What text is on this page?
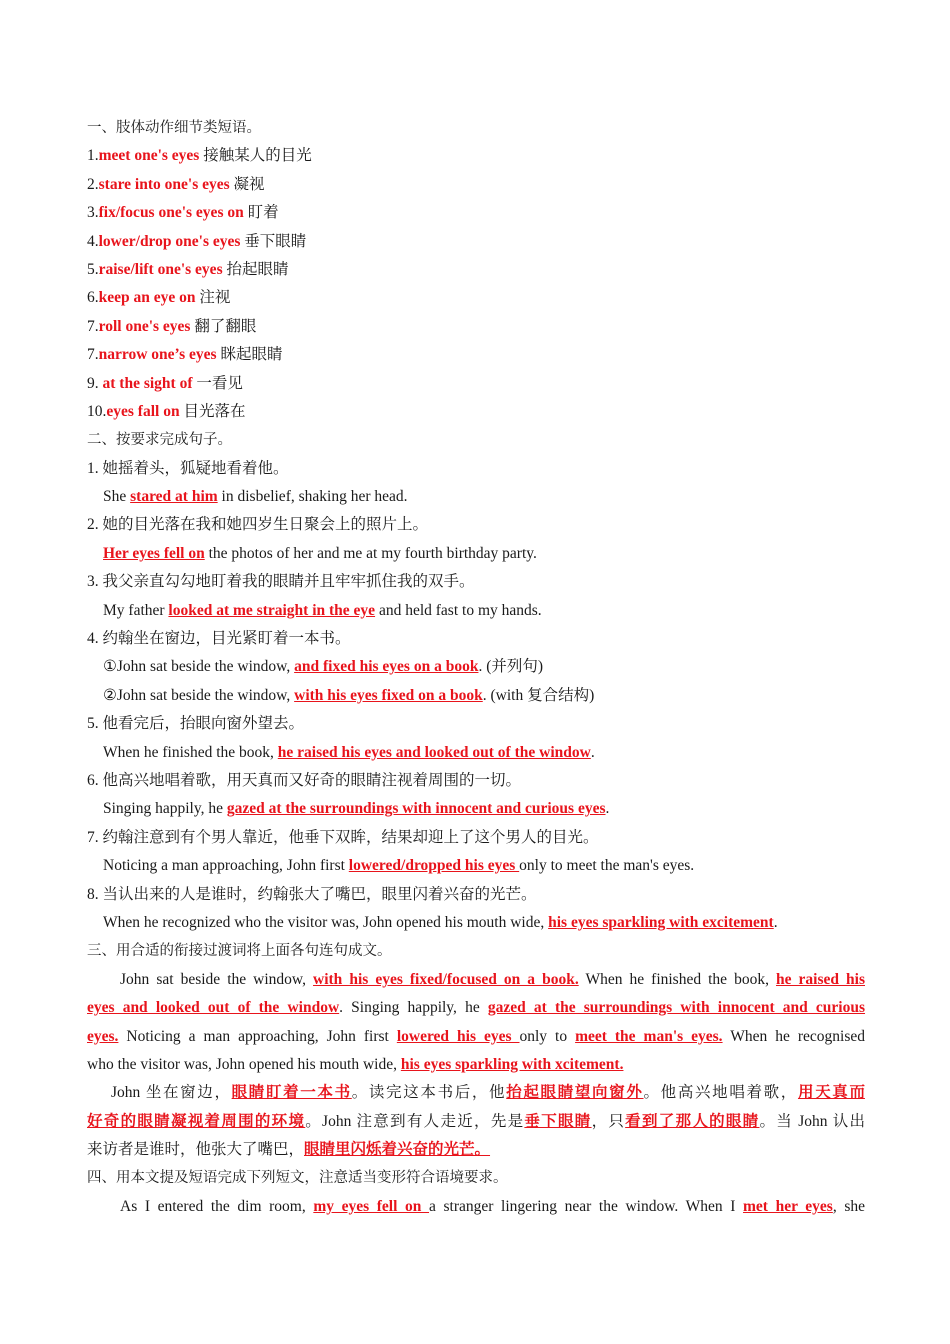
一、肢体动作细节类短语。
1.meet one's eyes 接触某人的目光
2.stare into one's eyes 凝视
3.fix/focus one's eyes on 盯着
4.lower/drop one's eyes 垂下眼睛
5.raise/lift one's eyes 抬起眼睛
6.keep an eye on 注视
7.roll one's eyes 翻了翻眼
7.narrow one’s eyes 眯起眼睛
9. at the sight of 一看见
10.eyes fall on 目光落在
二、按要求完成句子。
1. 她摇着头，狐疑地看着他。
She stared at him in disbelief, shaking her head.
2. 她的目光落在我和她四岁生日聚会上的照片上。
Her eyes fell on the photos of her and me at my fourth birthday party.
3. 我父亲直勾勾地盯着我的眼睛并且牢牢抓住我的双手。
My father looked at me straight in the eye and held fast to my hands.
4. 约翰坐在窗边，目光紧盯着一本书。
①John sat beside the window, and fixed his eyes on a book. (并列句)
②John sat beside the window, with his eyes fixed on a book. (with 复合结构)
5. 他看完后，抬眼向窗外望去。
When he finished the book, he raised his eyes and looked out of the window.
6. 他高兴地唱着歌，用天真而又好奇的眼睛注视着周围的一切。
Singing happily, he gazed at the surroundings with innocent and curious eyes.
7. 约翰注意到有个男人靠近，他垂下双眸，结果却迎上了这个男人的目光。
Noticing a man approaching, John first lowered/dropped his eyes only to meet the man's eyes.
8. 当认出来的人是谁时，约翰张大了嘴巴，眼里闪着兴奋的光芒。
When he recognized who the visitor was, John opened his mouth wide, his eyes sparkling with excitement.
三、用合适的衔接过渡词将上面各句连句成文。
John sat beside the window, with his eyes fixed/focused on a book. When he finished the book, he raised his
eyes and looked out of the window. Singing happily, he gazed at the surroundings with innocent and curious
eyes. Noticing a man approaching, John first lowered his eyes only to meet the man's eyes. When he recognised
who the visitor was, John opened his mouth wide, his eyes sparkling with xcitement.
John 坐在窗边，眼睛盯着一本书。读完这本书后，他抬起眼睛望向窗外。他高兴地唱着歌，用天真而
好奇的眼睛凝视着周围的环境。John 注意到有人走近，先是垂下眼睛，只看到了那人的眼睛。当 John 认出
来访者是谁时，他张大了嘴巴，眼睛里闪烁着兴奋的光芒。
四、用本文提及短语完成下列短文，注意适当变形符合语境要求。
As I entered the dim room, my eyes fell on a stranger lingering near the window. When I met her eyes, she
